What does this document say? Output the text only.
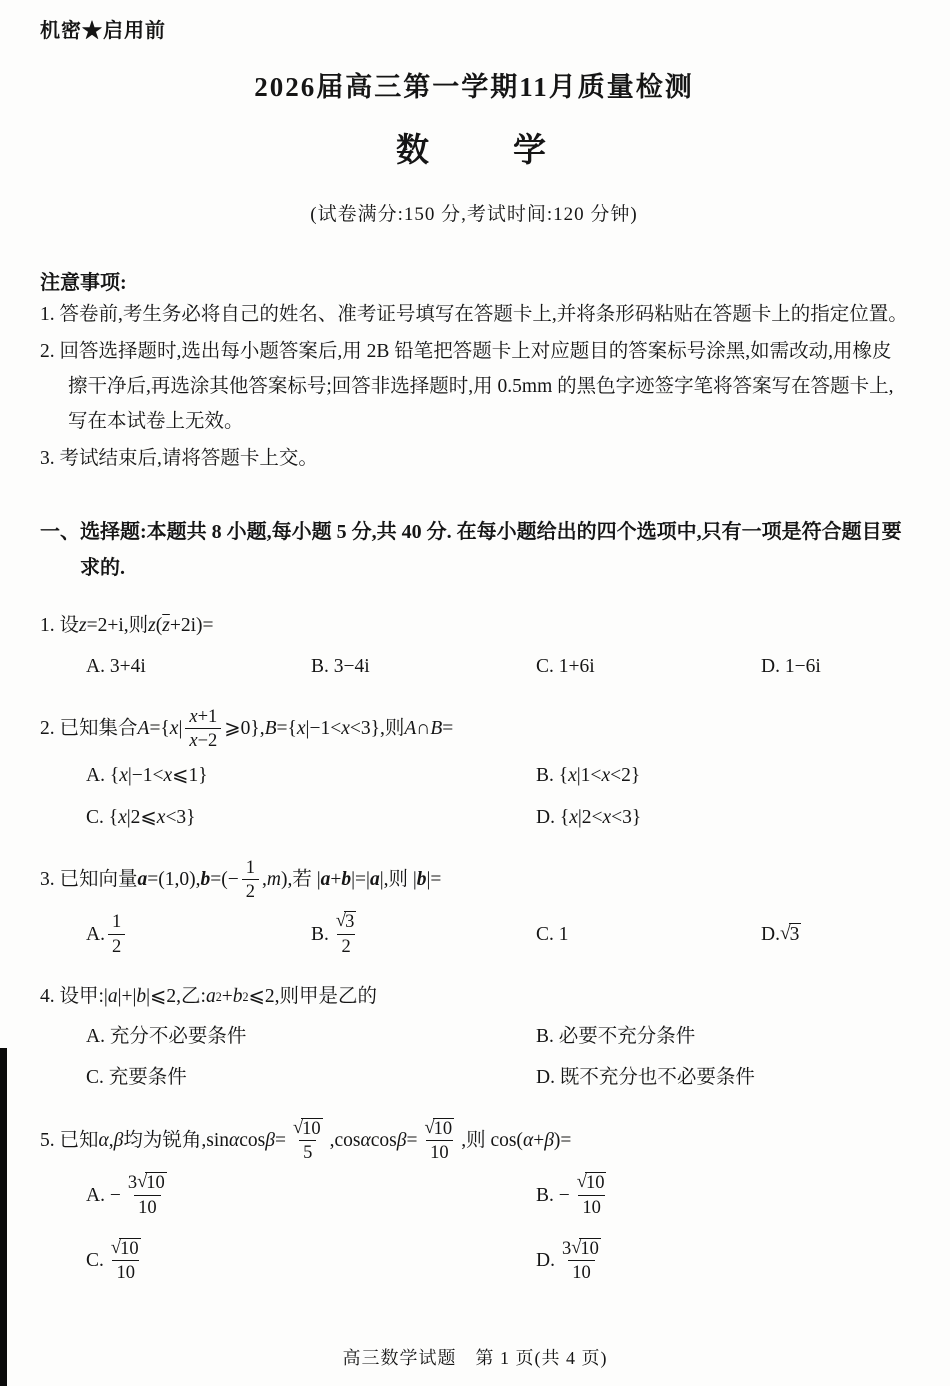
机密★启用前
2026届高三第一学期11月质量检测
数　　学
(试卷满分:150 分,考试时间:120 分钟)
注意事项:

1. 答卷前,考生务必将自己的姓名、准考证号填写在答题卡上,并将条形码粘贴在答题卡上的指定位置。

2. 回答选择题时,选出每小题答案后,用 2B 铅笔把答题卡上对应题目的答案标号涂黑,如需改动,用橡皮擦干净后,再选涂其他答案标号;回答非选择题时,用 0.5mm 的黑色字迹签字笔将答案写在答题卡上,写在本试卷上无效。

3. 考试结束后,请将答题卡上交。

一、选择题:本题共 8 小题,每小题 5 分,共 40 分. 在每小题给出的四个选项中,只有一项是符合题目要求的.
1. 设 z =2+i,则 z ( $\overline{z} +2i)=$
A. 3+4i	B. 3−4i	C. 1+6i	D. 1−6i
2. 已知集合 A ={ x | $\frac{x+1}{x-2}$ ⩾0}, B ={ x |−1< x <3},则 A ∩ B =
A. { x |−1< x ⩽1}	B. { x |1< x <2}
C. { x |2⩽ x <3}	D. { x |2< x <3}
3. 已知向量 a =(1,0), b =(− $\frac{1}{2}$ , m ),若 | a + b |=| a |,则 | b |=
A. $\frac{1}{2}$	B. $\frac{√3}{2}$	C. 1	D. √3
4. 设甲:| a |+| b |⩽2,乙: a 2 + b 2 ⩽2,则甲是乙的
A. 充分不必要条件	B. 必要不充分条件
C. 充要条件	D. 既不充分也不必要条件
5. 已知 α , β 均为锐角,sin α $\cos \beta = \frac{√10}{5} ,\cos$ α $\cos \beta = \frac{√10}{10}$ ,则 cos( α + β )=
A. − $\frac{3√10}{10}$	B. − $\frac{√10}{10}$
C. $\frac{√10}{10}$	D. $\frac{3√10}{10}$
高三数学试题　第 1 页(共 4 页)
